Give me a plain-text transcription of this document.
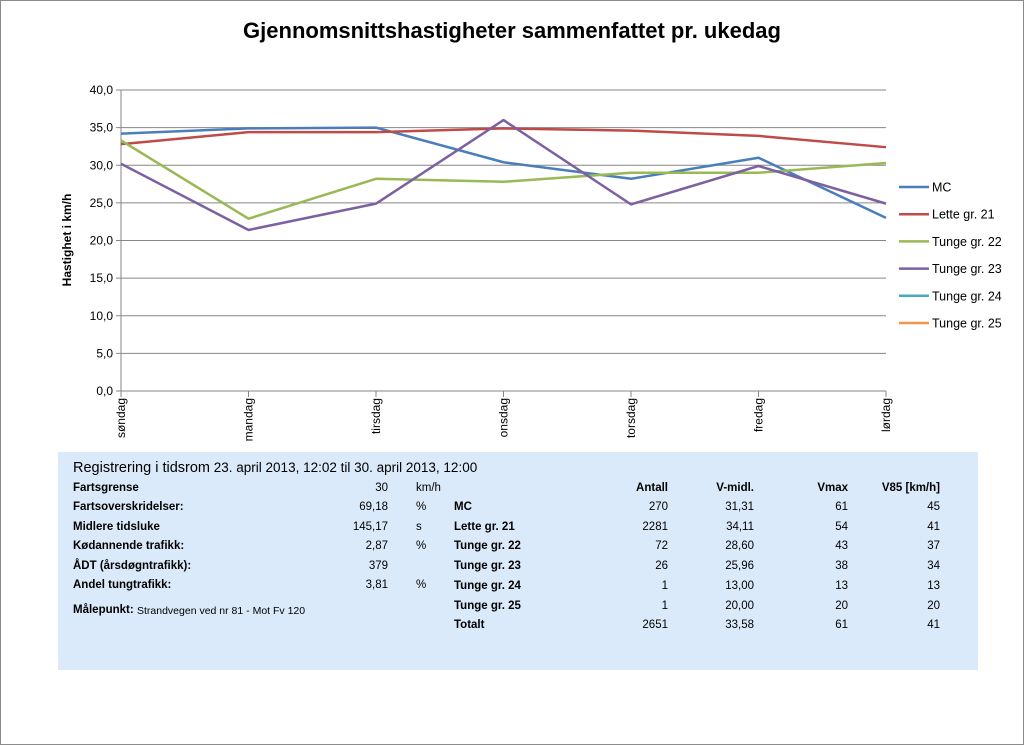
Gjennomsnittshastigheter sammenfattet pr. ukedag
Hastighet i km/h
0,0
5,0
10,0
15,0
20,0
25,0
30,0
35,0
40,0
søndag	mandag	tirsdag	onsdag	torsdag	fredag	lørdag
MC
Lette gr. 21
Tunge gr. 22
Tunge gr. 23
Tunge gr. 24
Tunge gr. 25
Registrering i tidsrom 23. april 2013, 12:02 til 30. april 2013, 12:00
Fartsgrense	30 km/h
Fartsoverskridelser:	69,18 %
Midlere tidsluke	145,17 s
Kødannende trafikk:	2,87 %
ÅDT (årsdøgntrafikk):	379
Andel tungtrafikk:	3,81 %
Målepunkt: Strandvegen ved nr 81 - Mot Fv 120
Antall	V-midl.	Vmax	V85 [km/h]
MC	270	31,31	61	45
Lette gr. 21	2281	34,11	54	41
Tunge gr. 22	72	28,60	43	37
Tunge gr. 23	26	25,96	38	34
Tunge gr. 24	1	13,00	13	13
Tunge gr. 25	1	20,00	20	20
Totalt	2651	33,58	61	41
